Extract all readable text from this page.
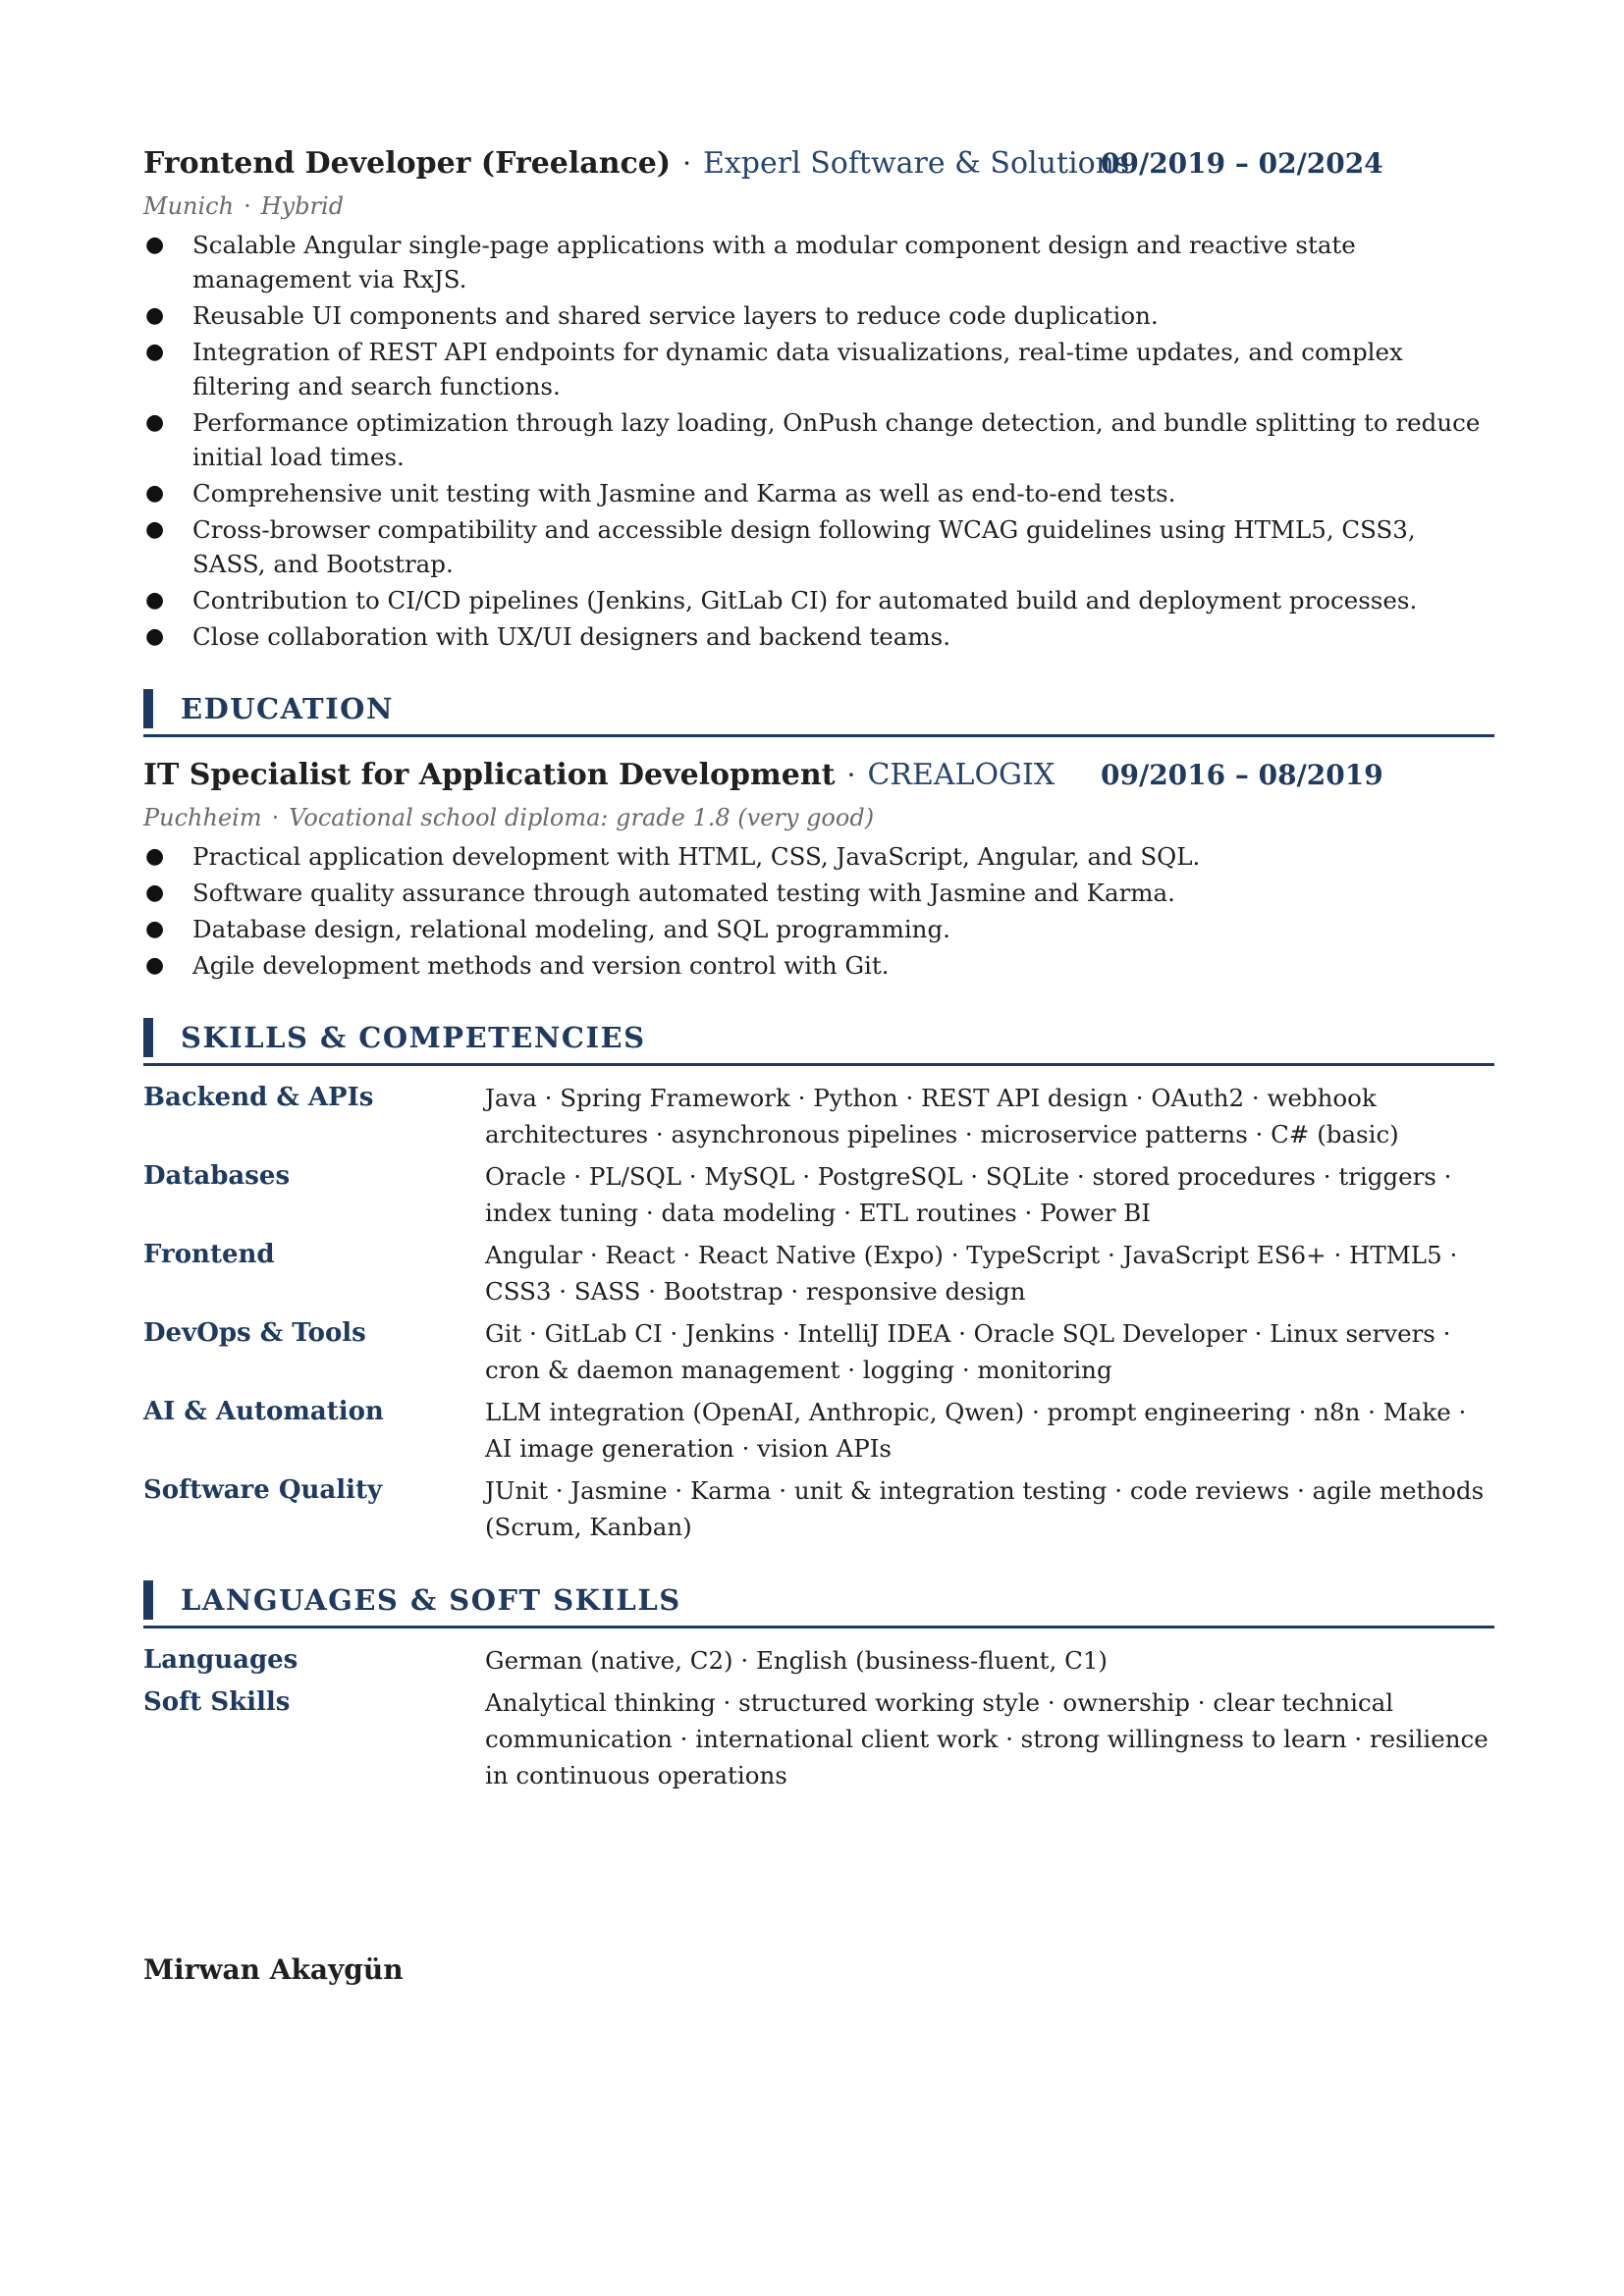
Frontend Developer (Freelance) · Experl Software & Solutions
09/2019 – 02/2024
Munich · Hybrid
● Scalable Angular single-page applications with a modular component design and reactive state management via RxJS.
● Reusable UI components and shared service layers to reduce code duplication.
● Integration of REST API endpoints for dynamic data visualizations, real-time updates, and complex filtering and search functions.
● Performance optimization through lazy loading, OnPush change detection, and bundle splitting to reduce initial load times.
● Comprehensive unit testing with Jasmine and Karma as well as end-to-end tests.
● Cross-browser compatibility and accessible design following WCAG guidelines using HTML5, CSS3, SASS, and Bootstrap.
● Contribution to CI/CD pipelines (Jenkins, GitLab CI) for automated build and deployment processes.
● Close collaboration with UX/UI designers and backend teams.
EDUCATION
IT Specialist for Application Development · CREALOGIX 09/2016 – 08/2019
Puchheim · Vocational school diploma: grade 1.8 (very good)
● Practical application development with HTML, CSS, JavaScript, Angular, and SQL.
● Software quality assurance through automated testing with Jasmine and Karma.
● Database design, relational modeling, and SQL programming.
● Agile development methods and version control with Git.
SKILLS & COMPETENCIES
Backend & APIs	Java · Spring Framework · Python · REST API design · OAuth2 · webhook architectures · asynchronous pipelines · microservice patterns · C# (basic)
Databases	Oracle · PL/SQL · MySQL · PostgreSQL · SQLite · stored procedures · triggers · index tuning · data modeling · ETL routines · Power BI
Frontend	Angular · React · React Native (Expo) · TypeScript · JavaScript ES6+ · HTML5 · CSS3 · SASS · Bootstrap · responsive design
DevOps & Tools	Git · GitLab CI · Jenkins · IntelliJ IDEA · Oracle SQL Developer · Linux servers · cron & daemon management · logging · monitoring
AI & Automation	LLM integration (OpenAI, Anthropic, Qwen) · prompt engineering · n8n · Make · AI image generation · vision APIs
Software Quality	JUnit · Jasmine · Karma · unit & integration testing · code reviews · agile methods (Scrum, Kanban)
LANGUAGES & SOFT SKILLS
Languages	German (native, C2) · English (business-fluent, C1)
Soft Skills	Analytical thinking · structured working style · ownership · clear technical communication · international client work · strong willingness to learn · resilience in continuous operations
Mirwan Akaygün
